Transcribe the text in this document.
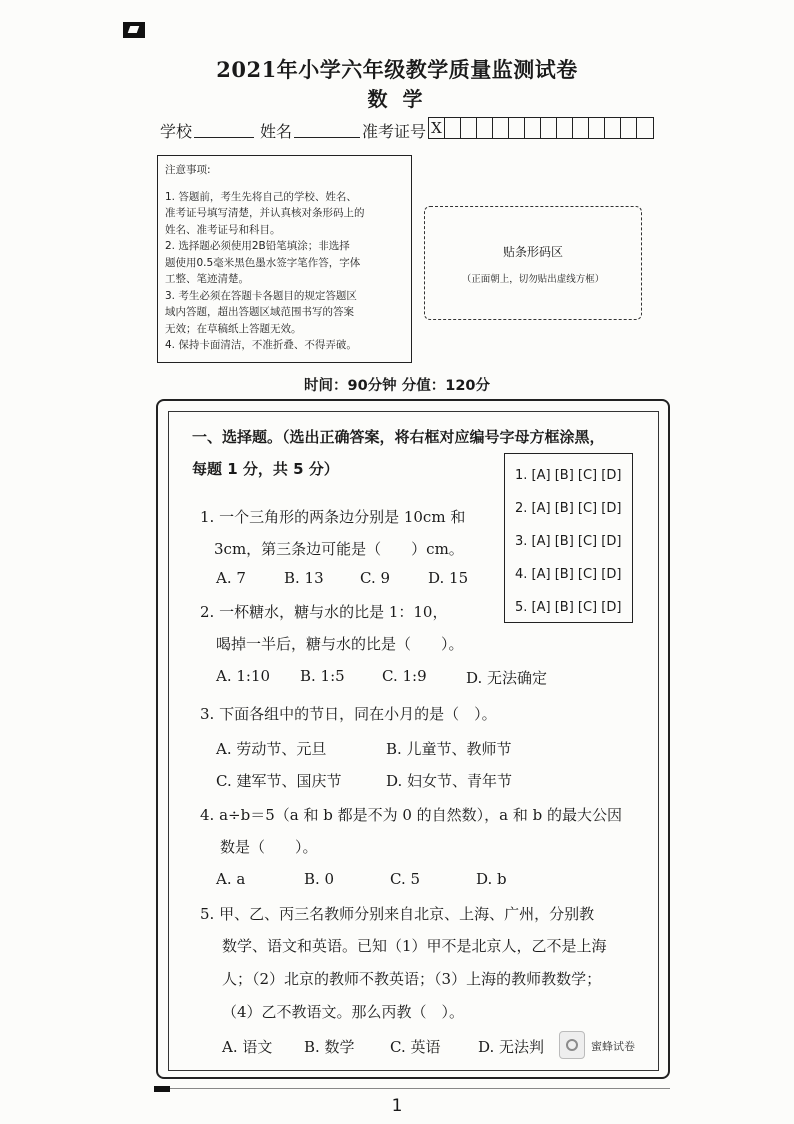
2021年小学六年级教学质量监测试卷
数 学
学校	姓名	准考证号 X
注意事项:
1. 答题前，考生先将自己的学校、姓名、
准考证号填写清楚，并认真核对条形码上的
姓名、准考证号和科目。
2. 选择题必须使用2B铅笔填涂；非选择
题使用0.5毫米黑色墨水签字笔作答，字体
工整、笔迹清楚。
3. 考生必须在答题卡各题目的规定答题区
域内答题，超出答题区域范围书写的答案
无效；在草稿纸上答题无效。
4. 保持卡面清洁，不准折叠、不得弄破。
贴条形码区
（正面朝上，切勿贴出虚线方框）
时间：90分钟 分值：120分
一、选择题。（选出正确答案，将右框对应编号字母方框涂黑，
每题 1 分，共 5 分）	1. [A] [B] [C] [D]
2. [A] [B] [C] [D]
3. [A] [B] [C] [D]
4. [A] [B] [C] [D]
5. [A] [B] [C] [D]
1. 一个三角形的两条边分别是 10cm 和
3cm，第三条边可能是（　　）cm。
A. 7	B. 13 C. 9	D. 15
2. 一杯糖水，糖与水的比是 1：10，
喝掉一半后，糖与水的比是（　　）。
A. 1:10 B. 1:5 C. 1:9	D. 无法确定
3. 下面各组中的节日，同在小月的是（　）。
A. 劳动节、元旦	B. 儿童节、教师节
C. 建军节、国庆节	D. 妇女节、青年节
4. a÷b＝5（a 和 b 都是不为 0 的自然数），a 和 b 的最大公因
数是（　　）。
A. a	B. 0	C. 5	D. b
5. 甲、乙、丙三名教师分别来自北京、上海、广州，分别教
数学、语文和英语。已知（1）甲不是北京人，乙不是上海
人；（2）北京的教师不教英语；（3）上海的教师教数学；
（4）乙不教语文。那么丙教（　）。
A. 语文 B. 数学 C. 英语	D. 无法判	蜜蜂试卷
1
